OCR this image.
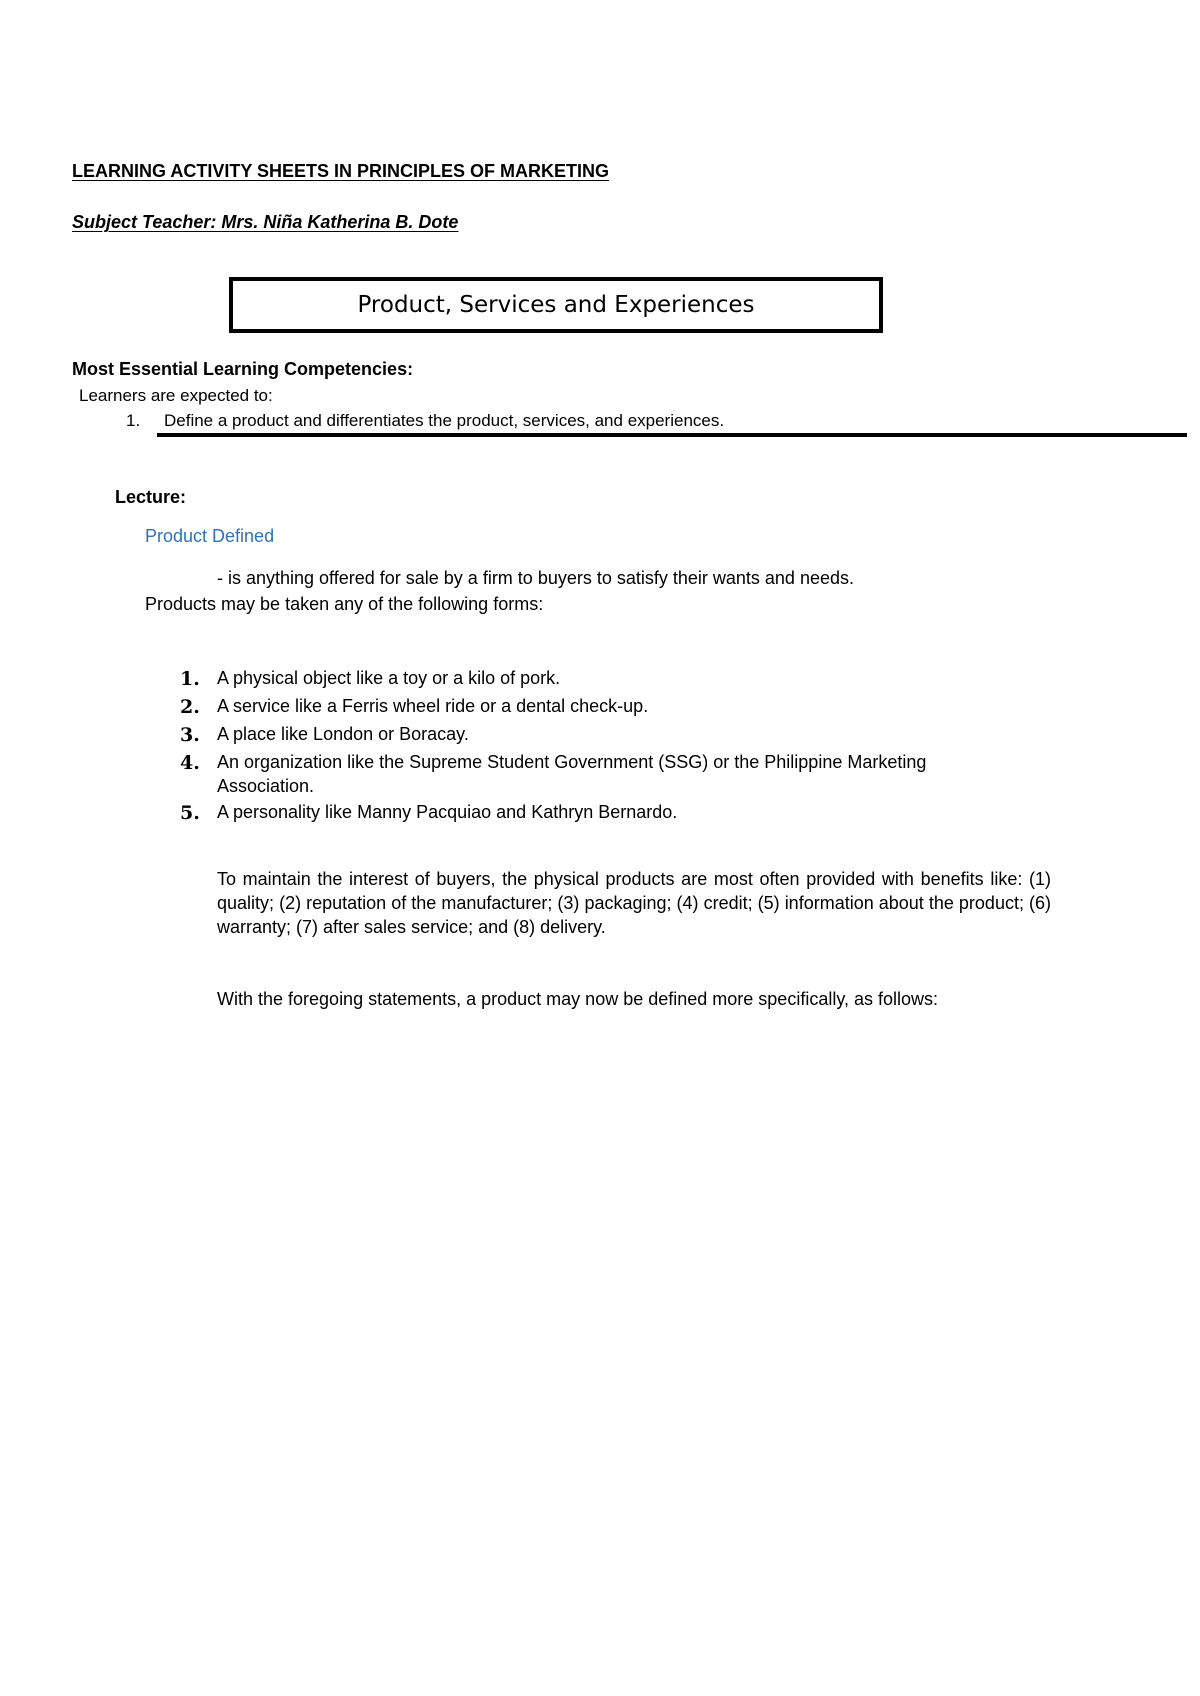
LEARNING ACTIVITY SHEETS IN PRINCIPLES OF MARKETING
Subject Teacher: Mrs. Niña Katherina B. Dote
Product, Services and Experiences
Most Essential Learning Competencies:
Learners are expected to:
1. Define a product and differentiates the product, services, and experiences.
Lecture:
Product Defined
- is anything offered for sale by a firm to buyers to satisfy their wants and needs.
Products may be taken any of the following forms:
1. A physical object like a toy or a kilo of pork.
2. A service like a Ferris wheel ride or a dental check-up.
3. A place like London or Boracay.
4. An organization like the Supreme Student Government (SSG) or the Philippine Marketing Association.
5. A personality like Manny Pacquiao and Kathryn Bernardo.
To maintain the interest of buyers, the physical products are most often provided with benefits like: (1) quality; (2) reputation of the manufacturer; (3) packaging; (4) credit; (5) information about the product; (6) warranty; (7) after sales service; and (8) delivery.
With the foregoing statements, a product may now be defined more specifically, as follows:
